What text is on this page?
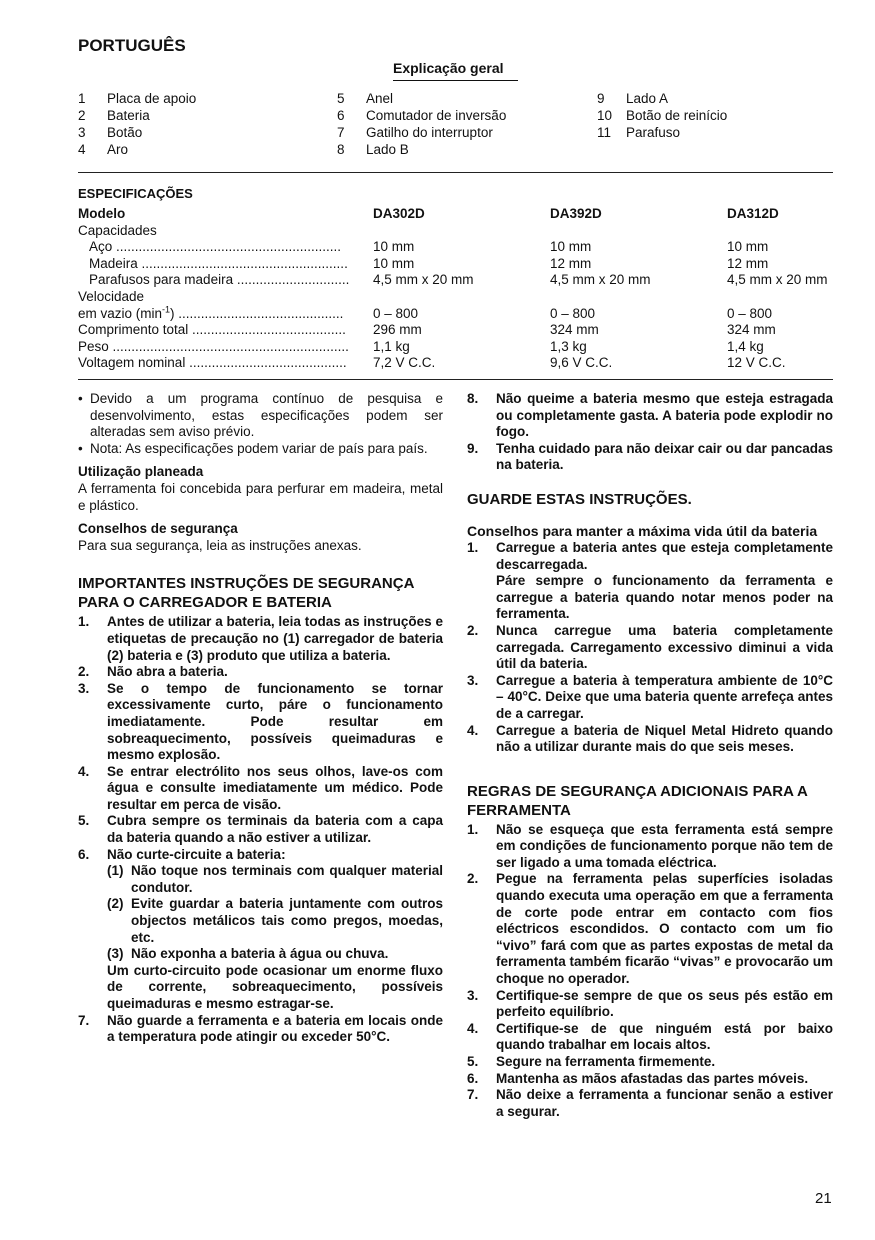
PORTUGUÊS
Explicação geral
1 Placa de apoio
2 Bateria
3 Botão
4 Aro
5 Anel
6 Comutador de inversão
7 Gatilho do interruptor
8 Lado B
9 Lado A
10 Botão de reinício
11 Parafuso
ESPECIFICAÇÕES
Modelo	DA302D	DA392D	DA312D
Capacidades
Aço ............................................................	10 mm	10 mm	10 mm
Madeira .......................................................	10 mm	12 mm	12 mm
Parafusos para madeira ..............................	4,5 mm x 20 mm	4,5 mm x 20 mm	4,5 mm x 20 mm
Velocidade
em vazio $(\min^{-1})$ ............................................	0 – 800	0 – 800	0 – 800
Comprimento total .........................................	296 mm	324 mm	324 mm
Peso ...............................................................	1,1 kg	1,3 kg	1,4 kg
Voltagem nominal ..........................................	7,2 V C.C.	9,6 V C.C.	12 V C.C.
• Devido a um programa contínuo de pesquisa e desenvolvimento, estas especificações podem ser alteradas sem aviso prévio.
• Nota: As especificações podem variar de país para país.
Utilização planeada
A ferramenta foi concebida para perfurar em madeira, metal e plástico.
Conselhos de segurança
Para sua segurança, leia as instruções anexas.
IMPORTANTES INSTRUÇÕES DE SEGURANÇA PARA O CARREGADOR E BATERIA
1.	Antes de utilizar a bateria, leia todas as instruções e etiquetas de precaução no (1) carregador de bateria (2) bateria e (3) produto que utiliza a bateria.
2.	Não abra a bateria.
3.	Se o tempo de funcionamento se tornar excessivamente curto, páre o funcionamento imediatamente. Pode resultar em sobreaquecimento, possíveis queimaduras e mesmo explosão.
4.	Se entrar electrólito nos seus olhos, lave-os com água e consulte imediatamente um médico. Pode resultar em perca de visão.
5.	Cubra sempre os terminais da bateria com a capa da bateria quando a não estiver a utilizar.
6.	Não curte-circuite a bateria:
(1) Não toque nos terminais com qualquer material condutor.
(2) Evite guardar a bateria juntamente com outros objectos metálicos tais como pregos, moedas, etc.
(3) Não exponha a bateria à água ou chuva.
Um curto-circuito pode ocasionar um enorme fluxo de corrente, sobreaquecimento, possíveis queimaduras e mesmo estragar-se.
7.	Não guarde a ferramenta e a bateria em locais onde a temperatura pode atingir ou exceder 50°C.
8.	Não queime a bateria mesmo que esteja estragada ou completamente gasta. A bateria pode explodir no fogo.
9.	Tenha cuidado para não deixar cair ou dar pancadas na bateria.
GUARDE ESTAS INSTRUÇÕES.
Conselhos para manter a máxima vida útil da bateria
1.	Carregue a bateria antes que esteja completamente descarregada.
Páre sempre o funcionamento da ferramenta e carregue a bateria quando notar menos poder na ferramenta.
2.	Nunca carregue uma bateria completamente carregada. Carregamento excessivo diminui a vida útil da bateria.
3.	Carregue a bateria à temperatura ambiente de 10°C – 40°C. Deixe que uma bateria quente arrefeça antes de a carregar.
4.	Carregue a bateria de Niquel Metal Hidreto quando não a utilizar durante mais do que seis meses.
REGRAS DE SEGURANÇA ADICIONAIS PARA A FERRAMENTA
1.	Não se esqueça que esta ferramenta está sempre em condições de funcionamento porque não tem de ser ligado a uma tomada eléctrica.
2.	Pegue na ferramenta pelas superfícies isoladas quando executa uma operação em que a ferramenta de corte pode entrar em contacto com fios eléctricos escondidos. O contacto com um fio “vivo” fará com que as partes expostas de metal da ferramenta também ficarão “vivas” e provocarão um choque no operador.
3.	Certifique-se sempre de que os seus pés estão em perfeito equilíbrio.
4.	Certifique-se de que ninguém está por baixo quando trabalhar em locais altos.
5.	Segure na ferramenta firmemente.
6.	Mantenha as mãos afastadas das partes móveis.
7.	Não deixe a ferramenta a funcionar senão a estiver a segurar.
21
